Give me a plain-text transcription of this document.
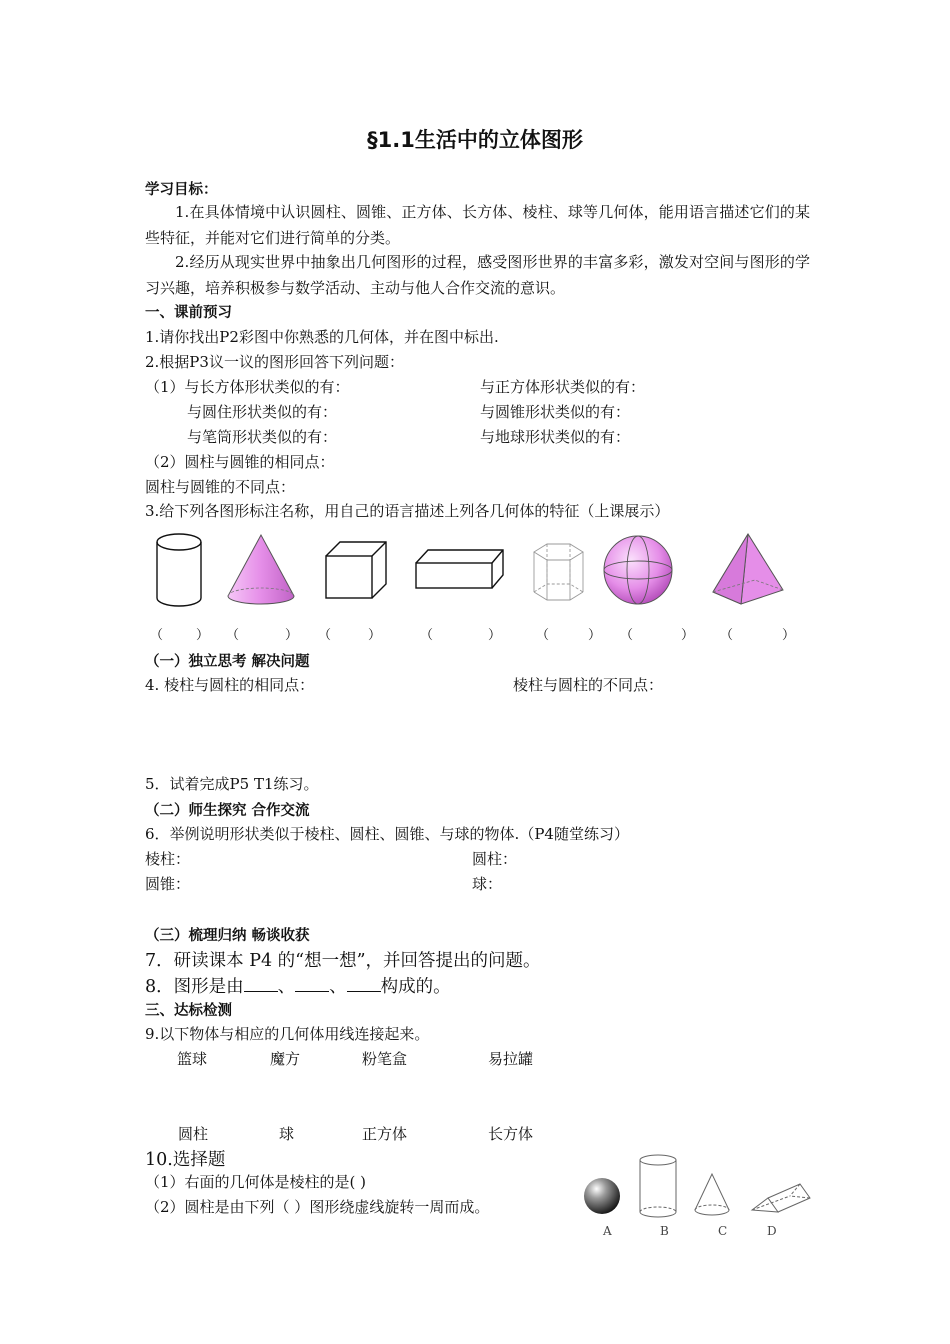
§1.1生活中的立体图形
学习目标：
1.在具体情境中认识圆柱、圆锥、正方体、长方体、棱柱、球等几何体，能用语言描述它们的某些特征，并能对它们进行简单的分类。
2.经历从现实世界中抽象出几何图形的过程，感受图形世界的丰富多彩，激发对空间与图形的学习兴趣，培养积极参与数学活动、主动与他人合作交流的意识。
一、课前预习
1.请你找出P2彩图中你熟悉的几何体，并在图中标出.
2.根据P3议一议的图形回答下列问题：
（1）与长方体形状类似的有：	与正方体形状类似的有：
与圆住形状类似的有：	与圆锥形状类似的有：
与笔筒形状类似的有：	与地球形状类似的有：
（2）圆柱与圆锥的相同点：
圆柱与圆锥的不同点：
3.给下列各图形标注名称，用自己的语言描述上列各几何体的特征（上课展示）
（	） （	） （	）	（	）	（	） （	） （	）
（一）独立思考 解决问题
4. 棱柱与圆柱的相同点：	棱柱与圆柱的不同点：
5．试着完成P5 T1练习。
（二）师生探究 合作交流
6．举例说明形状类似于棱柱、圆柱、圆锥、与球的物体.（P4随堂练习）
棱柱：	圆柱：
圆锥：	球：
（三）梳理归纳 畅谈收获
7．研读课本 P4 的“想一想”，并回答提出的问题。
8．图形是由 、 、 构成的。
三、达标检测
9.以下物体与相应的几何体用线连接起来。
篮球	魔方	粉笔盒	易拉罐
圆柱	球	正方体	长方体
10.选择题
（1）右面的几何体是棱柱的是( )
（2）圆柱是由下列（ ）图形绕虚线旋转一周而成。
A	B	C	D
